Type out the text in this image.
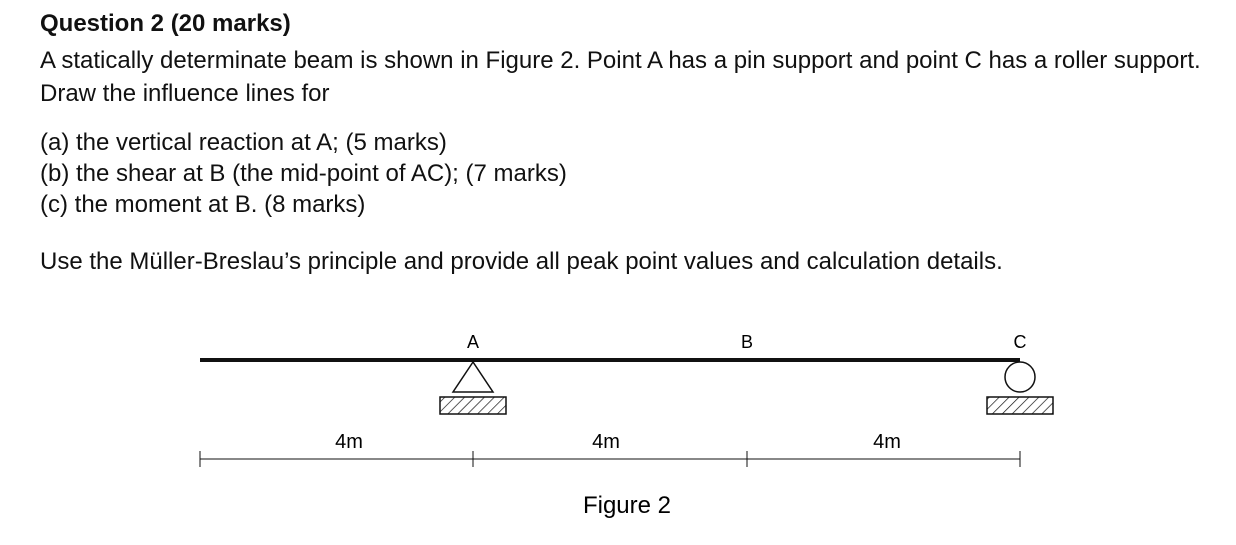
Question 2 (20 marks)
A statically determinate beam is shown in Figure 2. Point A has a pin support and point C has a roller support. Draw the influence lines for
(a) the vertical reaction at A; (5 marks)
(b) the shear at B (the mid-point of AC); (7 marks)
(c) the moment at B. (8 marks)
Use the Müller-Breslau’s principle and provide all peak point values and calculation details.
A	B	C
4m	4m	4m
Figure 2
